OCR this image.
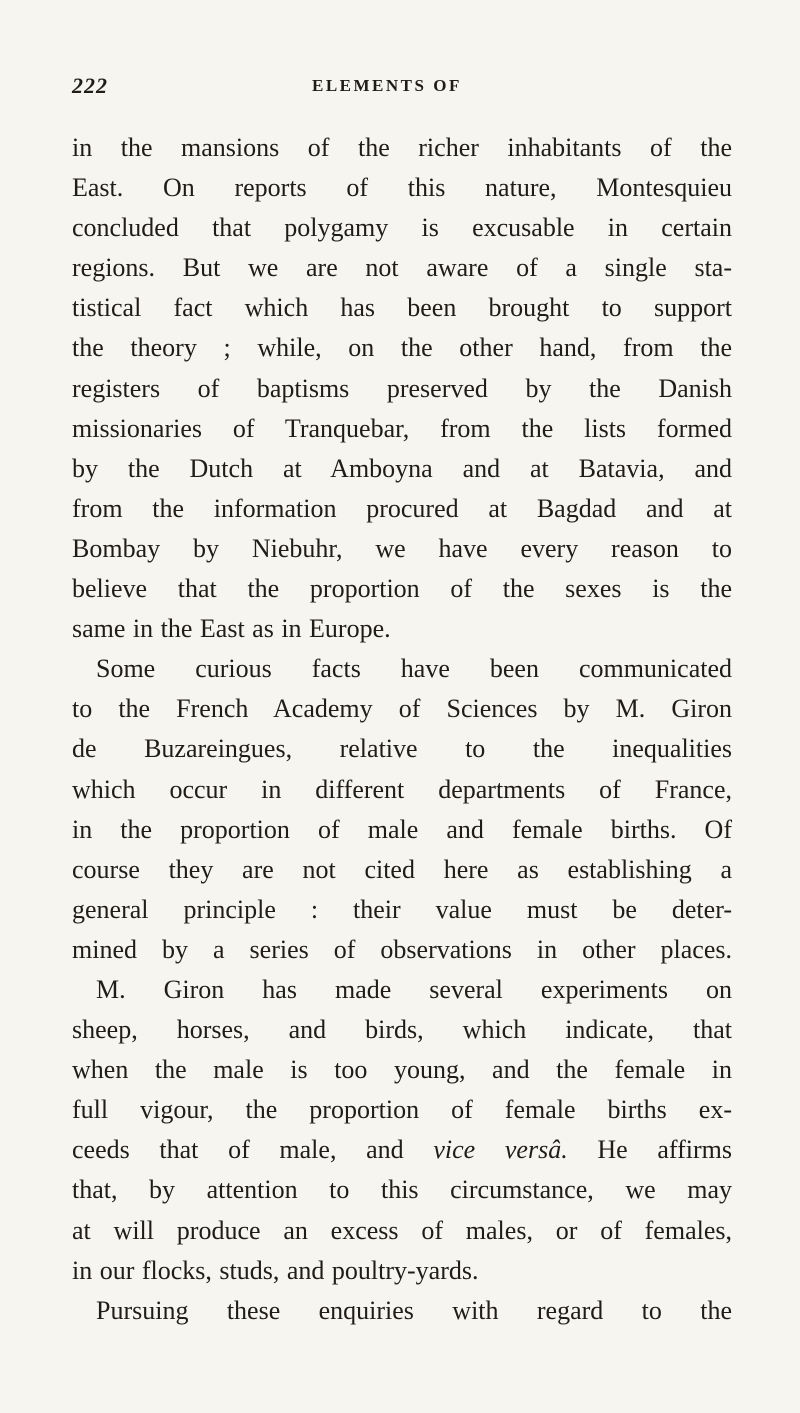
222	ELEMENTS OF
in the mansions of the richer inhabitants of the
East. On reports of this nature, Montesquieu
concluded that polygamy is excusable in certain
regions. But we are not aware of a single sta-
tistical fact which has been brought to support
the theory ; while, on the other hand, from the
registers of baptisms preserved by the Danish
missionaries of Tranquebar, from the lists formed
by the Dutch at Amboyna and at Batavia, and
from the information procured at Bagdad and at
Bombay by Niebuhr, we have every reason to
believe that the proportion of the sexes is the
same in the East as in Europe.
Some curious facts have been communicated
to the French Academy of Sciences by M. Giron
de Buzareingues, relative to the inequalities
which occur in different departments of France,
in the proportion of male and female births. Of
course they are not cited here as establishing a
general principle : their value must be deter-
mined by a series of observations in other places.
M. Giron has made several experiments on
sheep, horses, and birds, which indicate, that
when the male is too young, and the female in
full vigour, the proportion of female births ex-
ceeds that of male, and vice versâ. He affirms
that, by attention to this circumstance, we may
at will produce an excess of males, or of females,
in our flocks, studs, and poultry-yards.
Pursuing these enquiries with regard to the
